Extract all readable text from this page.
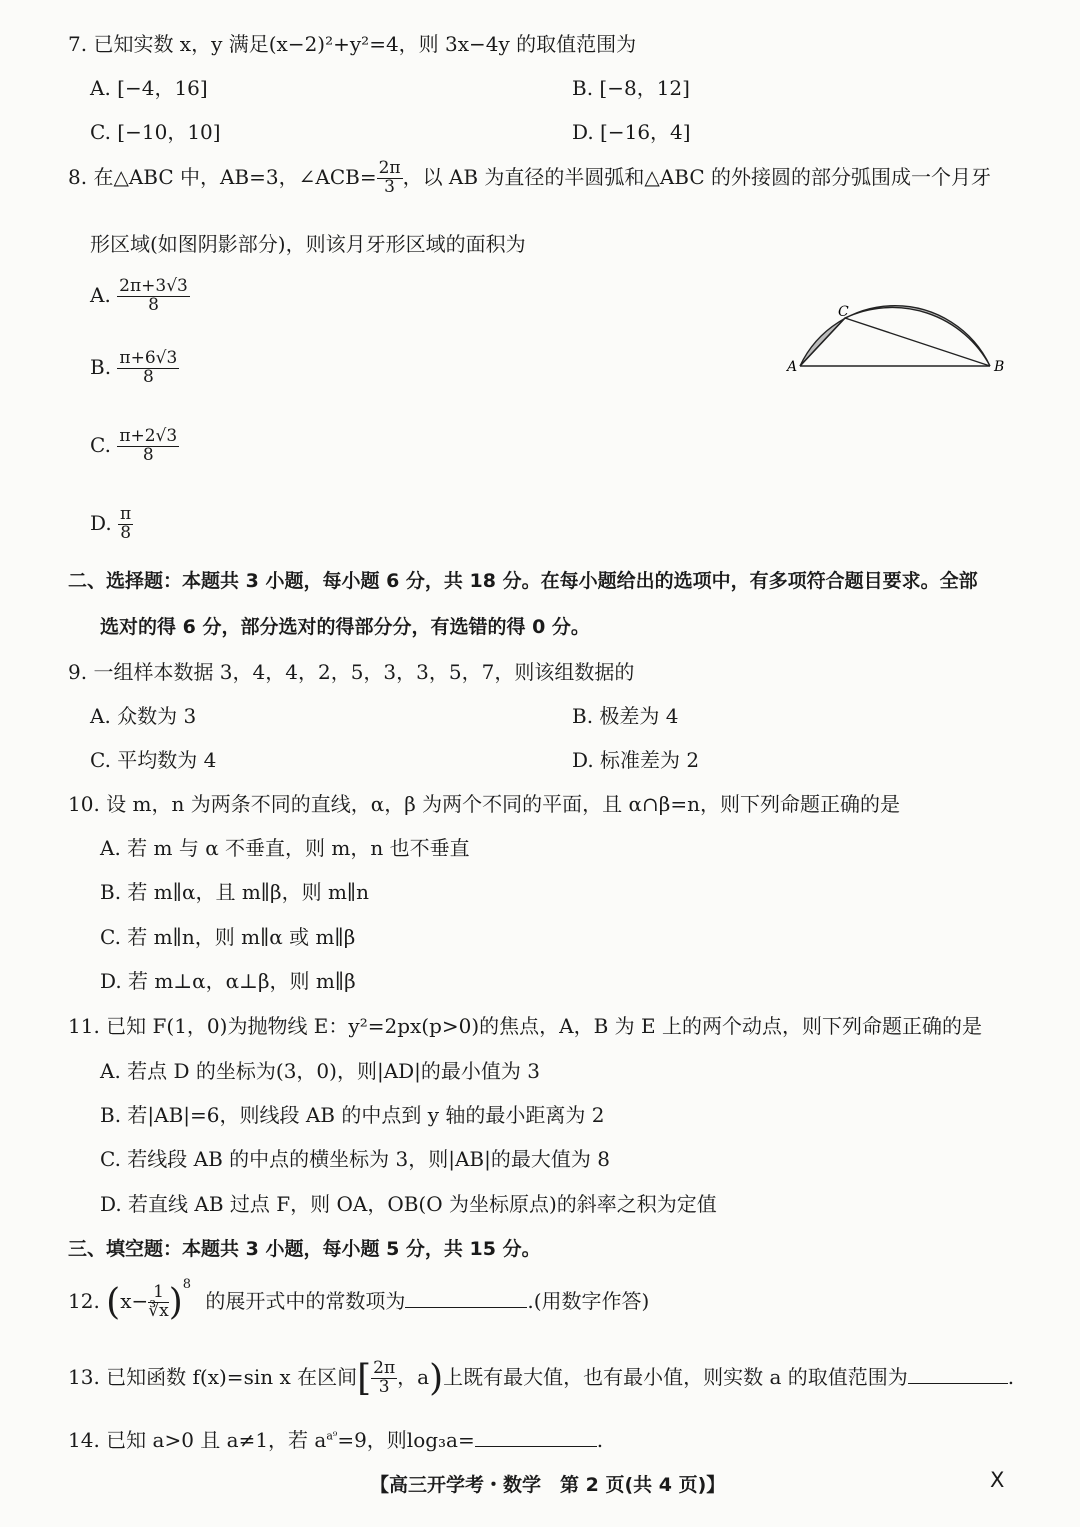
7. 已知实数 x，y 满足(x−2)²+y²=4，则 3x−4y 的取值范围为
A. [−4，16]	B. [−8，12]
C. [−10，10]	D. [−16，4]
8. 在△ABC 中，AB=3，∠ACB= $\frac{2\pi}{3}$ ，以 AB 为直径的半圆弧和△ABC 的外接圆的部分弧围成一个月牙
形区域(如图阴影部分)，则该月牙形区域的面积为
A. $\frac{2\pi+3√3}{8}$
B. $\frac{\pi+6√3}{8}$
C. $\frac{\pi+2√3}{8}$
D. $\frac{\pi}{8}$
A	B
C
二、选择题：本题共 3 小题，每小题 6 分，共 18 分。在每小题给出的选项中，有多项符合题目要求。全部
选对的得 6 分，部分选对的得部分分，有选错的得 0 分。
9. 一组样本数据 3，4，4，2，5，3，3，5，7，则该组数据的
A. 众数为 3	B. 极差为 4
C. 平均数为 4	D. 标准差为 2
10. 设 m，n 为两条不同的直线，α，β 为两个不同的平面，且 α∩β=n，则下列命题正确的是
A. 若 m 与 α 不垂直，则 m，n 也不垂直
B. 若 m∥α，且 m∥β，则 m∥n
C. 若 m∥n，则 m∥α 或 m∥β
D. 若 m⊥α，α⊥β，则 m∥β
11. 已知 F(1，0)为抛物线 E：y²=2px(p>0)的焦点，A，B 为 E 上的两个动点，则下列命题正确的是
A. 若点 D 的坐标为(3，0)，则|AD|的最小值为 3
B. 若|AB|=6，则线段 AB 的中点到 y 轴的最小距离为 2
C. 若线段 AB 的中点的横坐标为 3，则|AB|的最大值为 8
D. 若直线 AB 过点 F，则 OA，OB(O 为坐标原点)的斜率之积为定值
三、填空题：本题共 3 小题，每小题 5 分，共 15 分。
12. $(x- \frac{1}{∛x} )^8$ 的展开式中的常数项为	.(用数字作答)
13. 已知函数 f(x)=sin x 在区间[ $\frac{2\pi}{3}$ ，a)上既有最大值，也有最小值，则实数 a 的取值范围为	.
14. 已知 a>0 且 a≠1，若 $a^{a^9}=9$，则log₃a=	.
【高三开学考・数学　第 2 页(共 4 页)】	X
